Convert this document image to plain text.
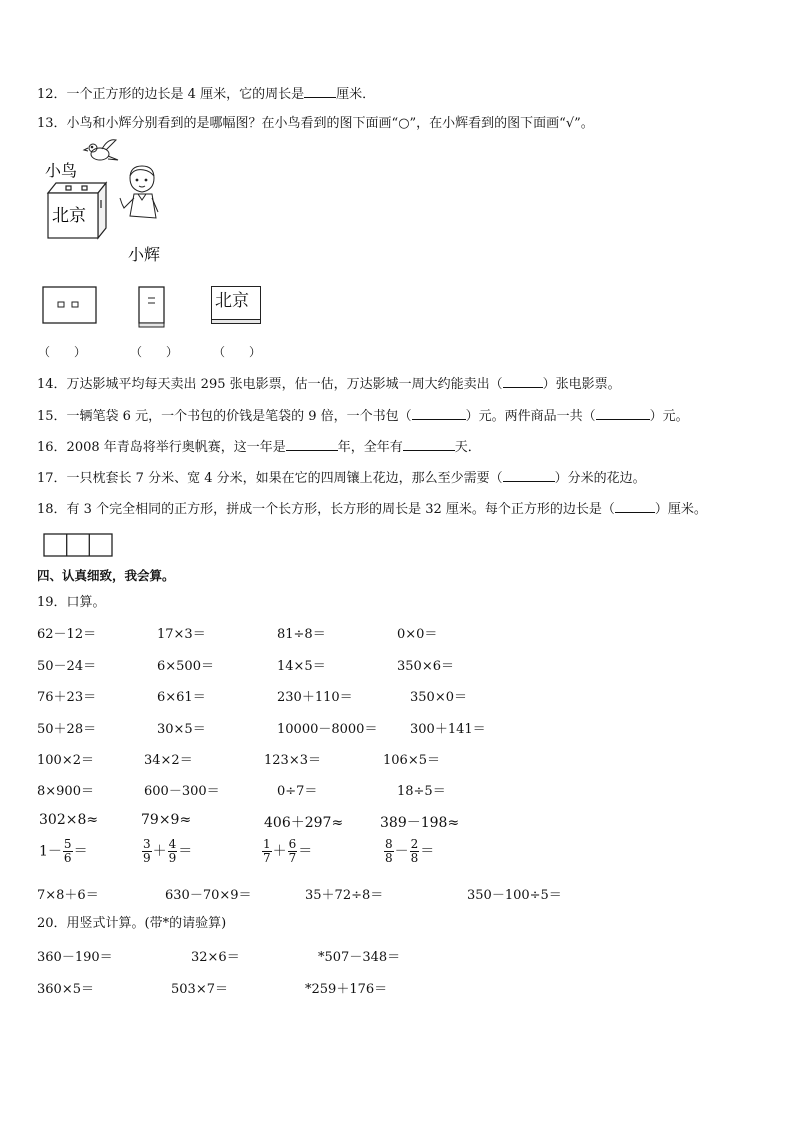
12．一个正方形的边长是 4 厘米，它的周长是 厘米．
13．小鸟和小辉分别看到的是哪幅图？在小鸟看到的图下面画“○”，在小辉看到的图下面画“√”。
小鸟
北京
小辉
北京
（　　）	（　　）	（　　）
14．万达影城平均每天卖出 295 张电影票，估一估，万达影城一周大约能卖出（	）张电影票。
15．一辆笔袋 6 元，一个书包的价钱是笔袋的 9 倍，一个书包（	）元。两件商品一共（	）元。
16．2008 年青岛将举行奥帆赛，这一年是	年，全年有	天．
17．一只枕套长 7 分米、宽 4 分米，如果在它的四周镶上花边，那么至少需要（	）分米的花边。
18．有 3 个完全相同的正方形，拼成一个长方形，长方形的周长是 32 厘米。每个正方形的边长是（	）厘米。
四、认真细致，我会算。
19．口算。
62－12＝	17×3＝	81÷8＝	0×0＝
50－24＝	6×500＝	14×5＝	350×6＝
76＋23＝	6×61＝	230＋110＝	350×0＝
50＋28＝	30×5＝	10000－8000＝	300＋141＝
100×2＝	34×2＝	123×3＝	106×5＝
8×900＝	600－300＝	0÷7＝	18÷5＝
302×8≈	79×9≈	406＋297≈	389－198≈
$1- \frac{5}{6}$ ＝	$\frac{3}{9} + \frac{4}{9}$ ＝	$\frac{1}{7} + \frac{6}{7}$ ＝	$\frac{8}{8} - \frac{2}{8}$ ＝
7×8＋6＝	630－70×9＝	35＋72÷8＝	350－100÷5＝
20．用竖式计算。(带*的请验算)
360－190＝	32×6＝	*507－348＝
360×5＝	503×7＝	*259＋176＝
